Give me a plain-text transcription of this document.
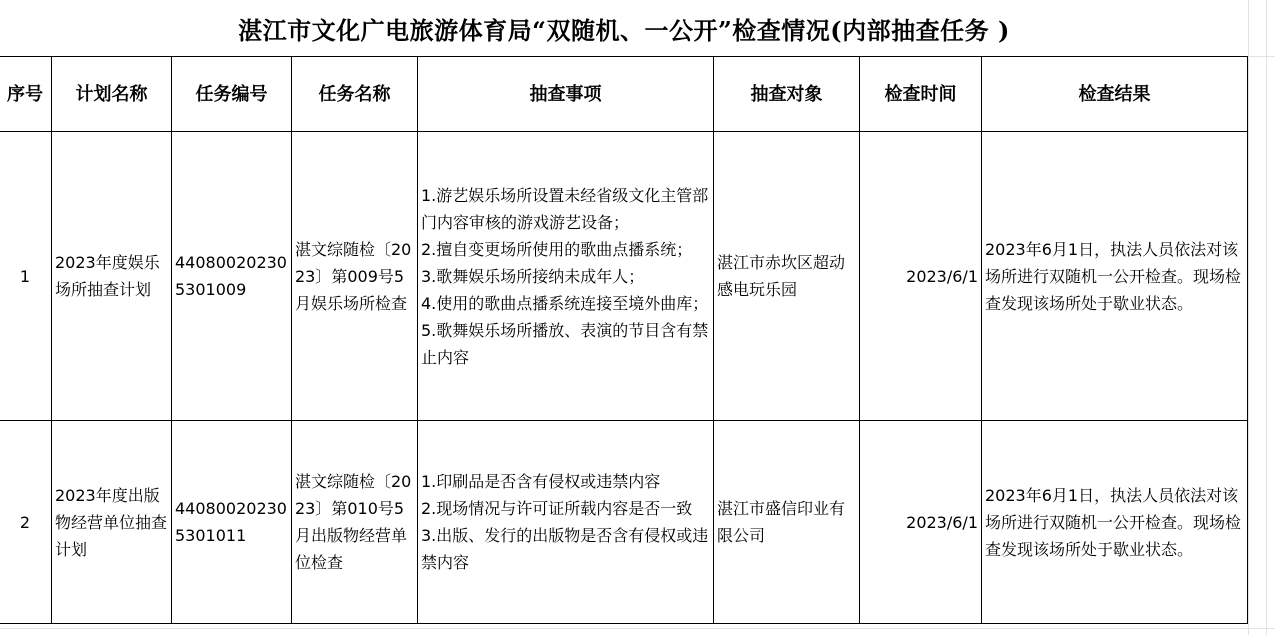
湛江市文化广电旅游体育局“双随机、一公开”检查情况(内部抽查任务 )
序号	计划名称	任务编号	任务名称	抽查事项	抽查对象	检查时间	检查结果
1	2023年度娱乐场所抽查计划	440800202305301009	湛文综随检〔2023〕第009号5月娱乐场所检查	1.游艺娱乐场所设置未经省级文化主管部门内容审核的游戏游艺设备；
2.擅自变更场所使用的歌曲点播系统；
3.歌舞娱乐场所接纳未成年人；
4.使用的歌曲点播系统连接至境外曲库；
5.歌舞娱乐场所播放、表演的节目含有禁止内容	湛江市赤坎区超动感电玩乐园	2023/6/1	2023年6月1日，执法人员依法对该场所进行双随机一公开检查。现场检查发现该场所处于歇业状态。
2	2023年度出版物经营单位抽查计划	440800202305301011	湛文综随检〔2023〕第010号5月出版物经营单位检查	1.印刷品是否含有侵权或违禁内容
2.现场情况与许可证所载内容是否一致
3.出版、发行的出版物是否含有侵权或违禁内容	湛江市盛信印业有限公司	2023/6/1	2023年6月1日，执法人员依法对该场所进行双随机一公开检查。现场检查发现该场所处于歇业状态。
